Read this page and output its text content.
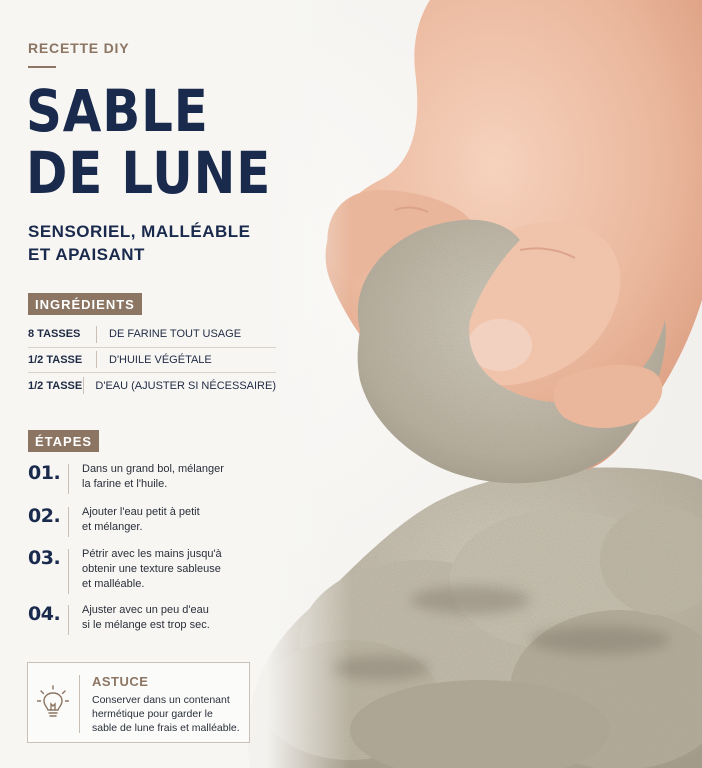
RECETTE DIY
SABLE
DE LUNE
SENSORIEL, MALLÉABLE
ET APAISANT
INGRÉDIENTS
8 TASSES	DE FARINE TOUT USAGE
1/2 TASSE	D'HUILE VÉGÉTALE
1/2 TASSE D'EAU (AJUSTER SI NÉCESSAIRE)
ÉTAPES
01.	Dans un grand bol, mélanger
la farine et l'huile.
02.	Ajouter l'eau petit à petit
et mélanger.
03.	Pétrir avec les mains jusqu'à
obtenir une texture sableuse
et malléable.
04.	Ajuster avec un peu d'eau
si le mélange est trop sec.
ASTUCE
Conserver dans un contenant
hermétique pour garder le
sable de lune frais et malléable.
